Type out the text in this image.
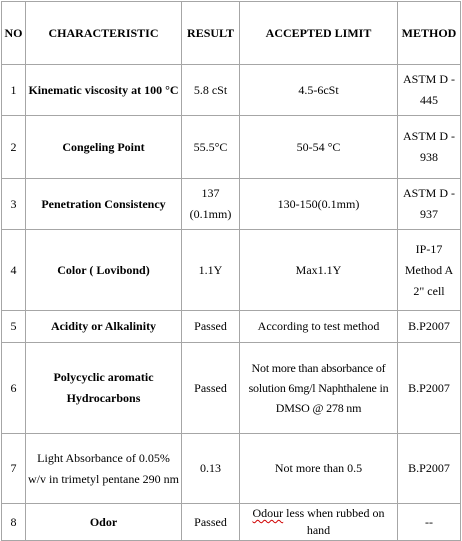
NO	CHARACTERISTIC	RESULT	ACCEPTED LIMIT	METHOD
1	Kinematic viscosity at 100 °C	5.8 cSt	4.5-6cSt	ASTM D - 445
2	Congeling Point	55.5°C	50-54 °C	ASTM D - 938
3	Penetration Consistency	137 (0.1mm)	130-150(0.1mm)	ASTM D - 937
4	Color ( Lovibond)	1.1Y	Max1.1Y	IP-17 Method A 2" cell
5	Acidity or Alkalinity	Passed	According to test method	B.P2007
6	Polycyclic aromatic Hydrocarbons	Passed	Not more than absorbance of solution 6mg/l Naphthalene in DMSO @ 278 nm	B.P2007
7	Light Absorbance of 0.05% w/v in trimetyl pentane 290 nm	0.13	Not more than 0.5	B.P2007
8	Odor	Passed	Odour less when rubbed on hand	--
